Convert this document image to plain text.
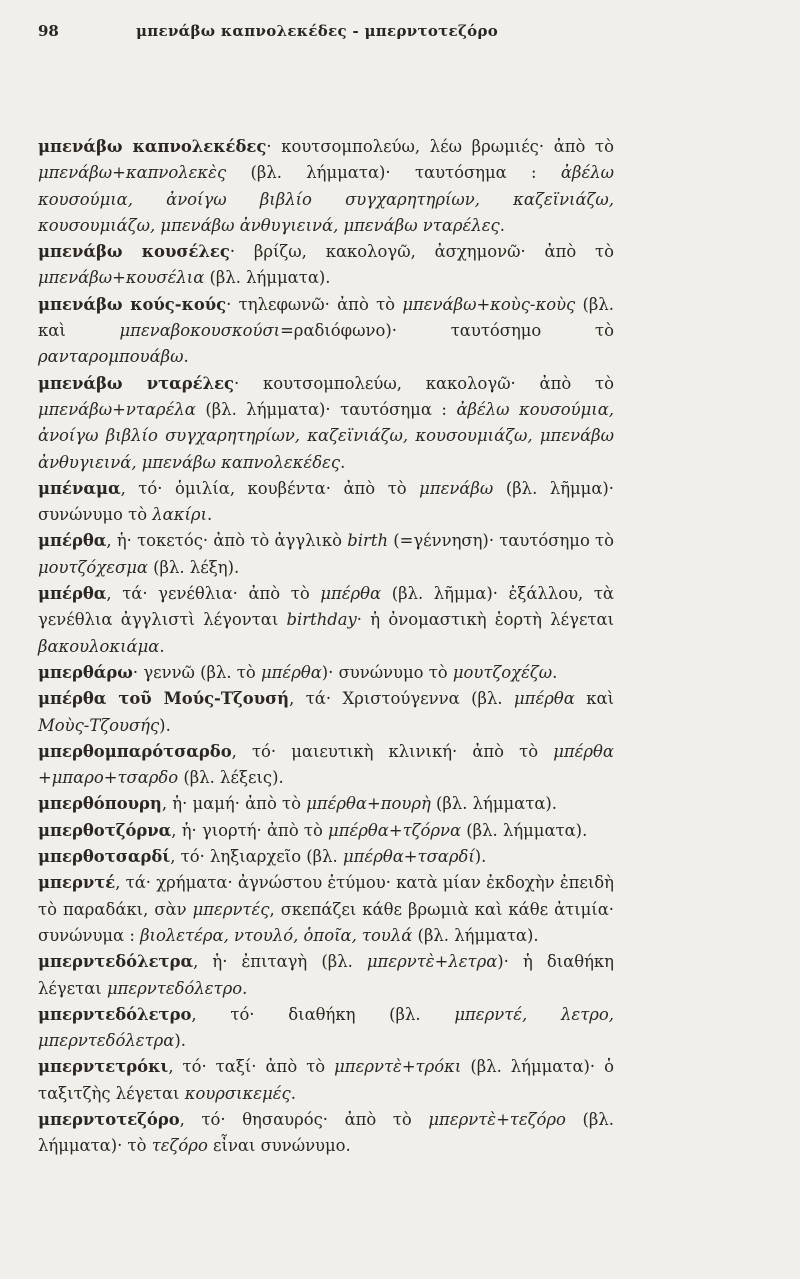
98	μπενάβω καπνολεκέδες - μπερντοτεζόρο

μπενάβω καπνολεκέδες· κουτσομπολεύω, λέω βρωμιές· ἀπὸ τὸ μπενάβω+καπνολεκὲς (βλ. λήμματα)· ταυτόσημα : ἀβέλω κουσούμια, ἀνοίγω βιβλίο συγχαρητηρίων, καζεϊνιάζω, κουσουμιάζω, μπενάβω ἀνθυγιεινά, μπενάβω νταρέλες.

μπενάβω κουσέλες· βρίζω, κακολογῶ, ἀσχημονῶ· ἀπὸ τὸ μπενάβω+κουσέλια (βλ. λήμματα).

μπενάβω κούς-κούς· τηλεφωνῶ· ἀπὸ τὸ μπενάβω+κοὺς-κοὺς (βλ. καὶ μπεναβοκουσκούσι=ραδιόφωνο)· ταυτόσημο τὸ ρανταρομπουάβω.

μπενάβω νταρέλες· κουτσομπολεύω, κακολογῶ· ἀπὸ τὸ μπενάβω+νταρέλα (βλ. λήμματα)· ταυτόσημα : ἀβέλω κουσούμια, ἀνοίγω βιβλίο συγχαρητηρίων, καζεϊνιάζω, κουσουμιάζω, μπενάβω ἀνθυγιεινά, μπενάβω καπνολεκέδες.

μπέναμα, τό· ὁμιλία, κουβέντα· ἀπὸ τὸ μπενάβω (βλ. λῆμμα)· συνώνυμο τὸ λακίρι.

μπέρθα, ἡ· τοκετός· ἀπὸ τὸ ἀγγλικὸ birth (=γέννηση)· ταυτόσημο τὸ μουτζόχεσμα (βλ. λέξη).

μπέρθα, τά· γενέθλια· ἀπὸ τὸ μπέρθα (βλ. λῆμμα)· ἐξάλλου, τὰ γενέθλια ἀγγλιστὶ λέγονται birthday· ἡ ὀνομαστικὴ ἑορτὴ λέγεται βακουλοκιάμα.

μπερθάρω· γεννῶ (βλ. τὸ μπέρθα)· συνώνυμο τὸ μουτζοχέζω.

μπέρθα τοῦ Μούς-Τζουσή, τά· Χριστούγεννα (βλ. μπέρθα καὶ Μοὺς-Τζουσής).

μπερθομπαρότσαρδο, τό· μαιευτικὴ κλινική· ἀπὸ τὸ μπέρθα +μπαρο+τσαρδο (βλ. λέξεις).

μπερθόπουρη, ἡ· μαμή· ἀπὸ τὸ μπέρθα+πουρὴ (βλ. λήμματα).

μπερθοτζόρνα, ἡ· γιορτή· ἀπὸ τὸ μπέρθα+τζόρνα (βλ. λήμματα).

μπερθοτσαρδί, τό· ληξιαρχεῖο (βλ. μπέρθα+τσαρδί).

μπερντέ, τά· χρήματα· ἀγνώστου ἐτύμου· κατὰ μίαν ἐκδοχὴν ἐπειδὴ τὸ παραδάκι, σὰν μπερντές, σκεπάζει κάθε βρωμιὰ καὶ κάθε ἀτιμία· συνώνυμα : βιολετέρα, ντουλό, ὁποῖα, τουλά (βλ. λήμματα).

μπερντεδόλετρα, ἡ· ἐπιταγὴ (βλ. μπερντὲ+λετρα)· ἡ διαθήκη λέγεται μπερντεδόλετρο.

μπερντεδόλετρο, τό· διαθήκη (βλ. μπερντέ, λετρο, μπερντεδόλετρα).

μπερντετρόκι, τό· ταξί· ἀπὸ τὸ μπερντὲ+τρόκι (βλ. λήμματα)· ὁ ταξιτζὴς λέγεται κουρσικεμές.

μπερντοτεζόρο, τό· θησαυρός· ἀπὸ τὸ μπερντὲ+τεζόρο (βλ. λήμματα)· τὸ τεζόρο εἶναι συνώνυμο.
